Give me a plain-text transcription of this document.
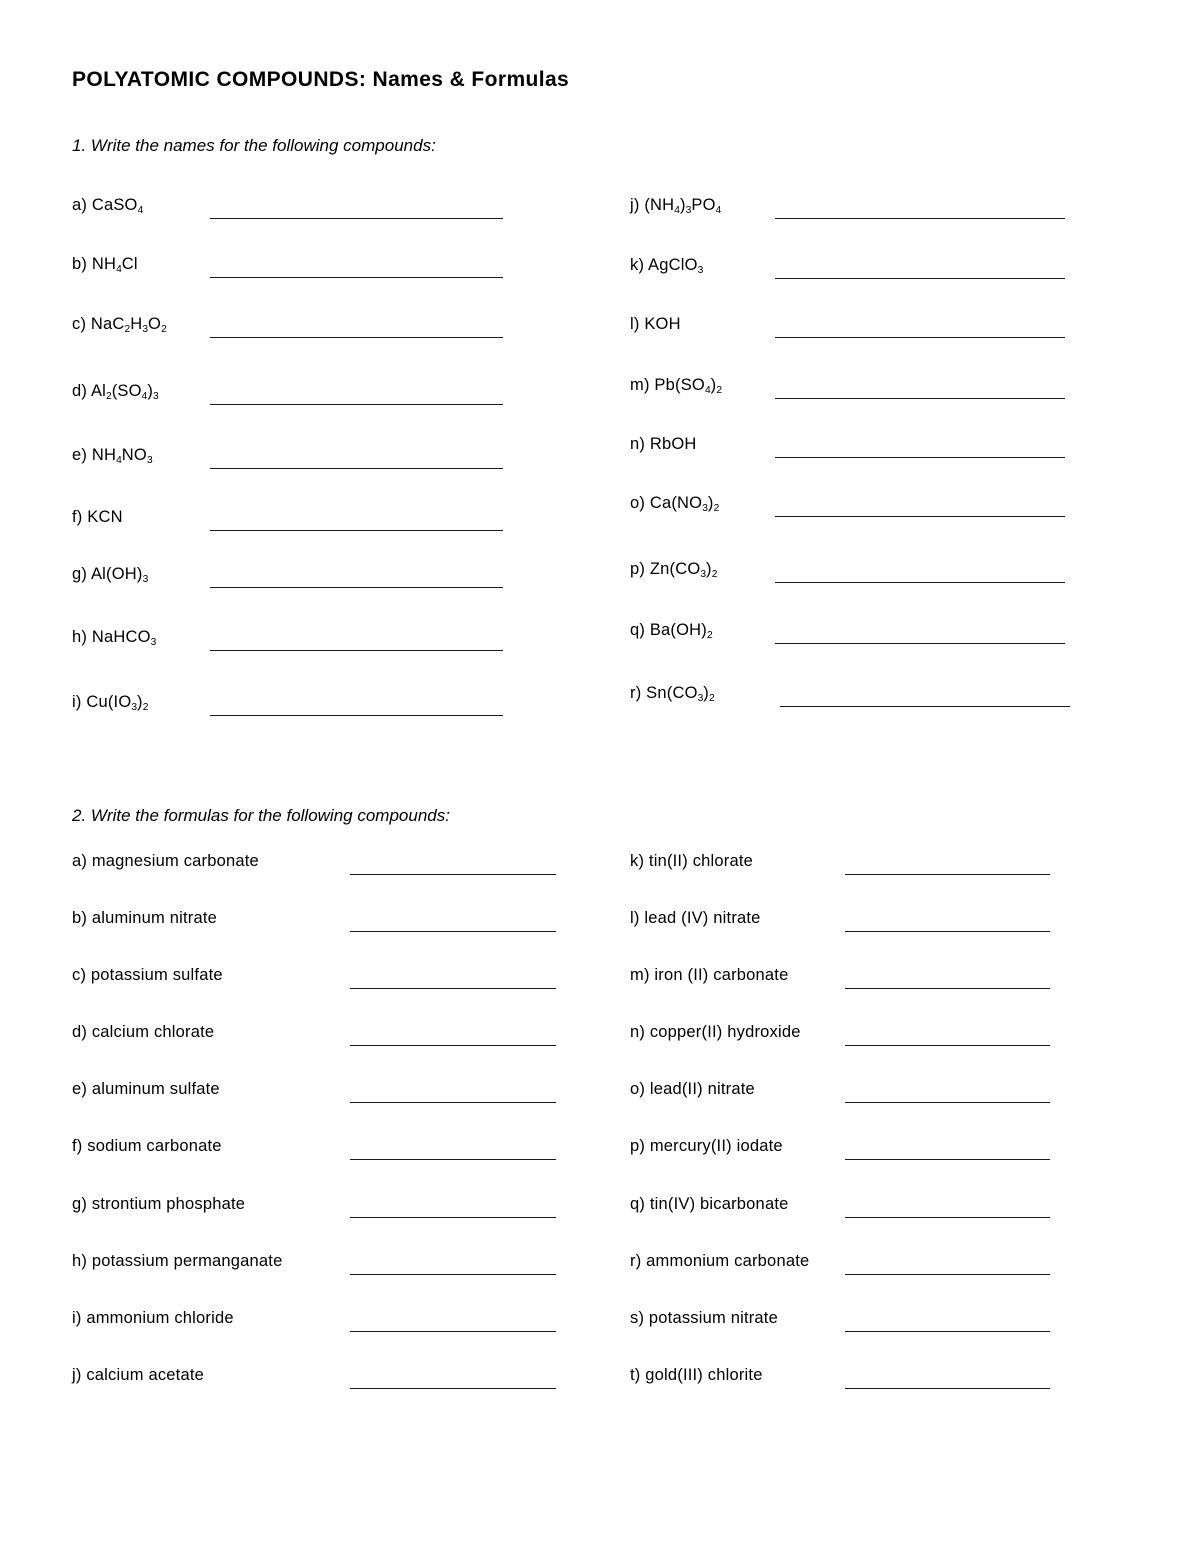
POLYATOMIC COMPOUNDS: Names & Formulas
1. Write the names for the following compounds:
a) CaSO$_4$
b) $NH_4Cl$
c) $NaC_2H_3O_2$
d) $Al_2(SO_4)_3$
e) $NH_4NO_3$
f) KCN
g) $Al(OH)_3$
h) NaHCO$_3$
i) $Cu(IO_3)_2$
j) $(NH_4)_3PO_4$
k) AgClO$_3$
l) KOH
m) $Pb(SO_4)_2$
n) RbOH
o) $Ca(NO_3)_2$
p) $Zn(CO_3)_2$
q) $Ba(OH)_2$
r) $Sn(CO_3)_2$
2. Write the formulas for the following compounds:
a) magnesium carbonate
b) aluminum nitrate
c) potassium sulfate
d) calcium chlorate
e) aluminum sulfate
f) sodium carbonate
g) strontium phosphate
h) potassium permanganate
i) ammonium chloride
j) calcium acetate
k) tin(II) chlorate
l) lead (IV) nitrate
m) iron (II) carbonate
n) copper(II) hydroxide
o) lead(II) nitrate
p) mercury(II) iodate
q) tin(IV) bicarbonate
r) ammonium carbonate
s) potassium nitrate
t) gold(III) chlorite
